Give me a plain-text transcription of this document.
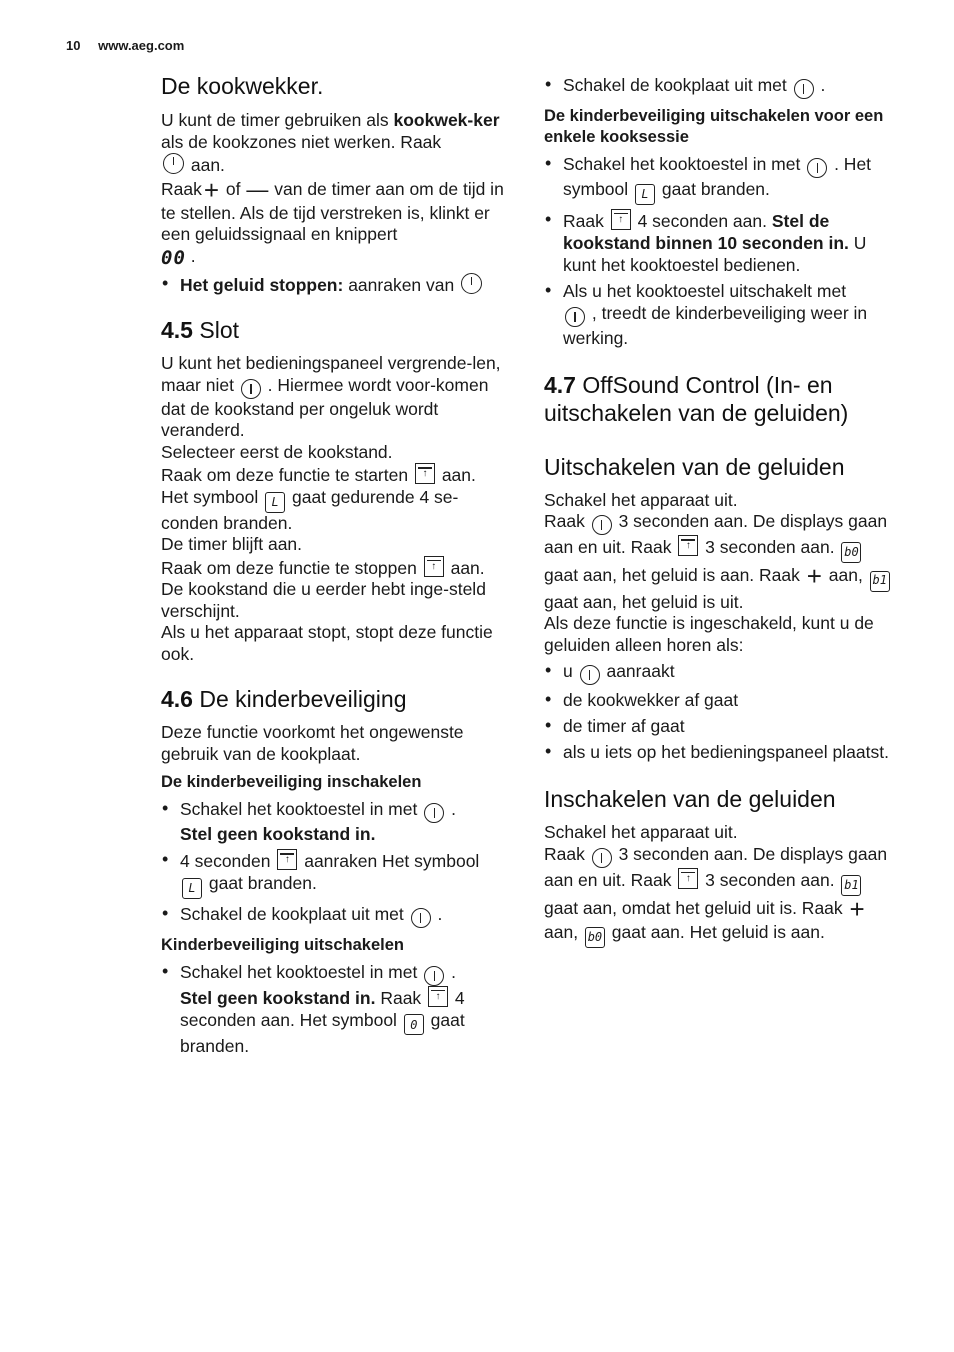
10 www.aeg.com
De kookwekker.

U kunt de timer gebruiken als kookwek-ker als de kookzones niet werken. Raak
aan.

Raak+ of — van de timer aan om de tijd in te stellen. Als de tijd verstreken is, klinkt er een geluidssignaal en knippert
00 .

• Het geluid stoppen: aanraken van
4.5 Slot

U kunt het bedieningspaneel vergrende-len, maar niet  . Hiermee wordt voor-komen dat de kookstand per ongeluk wordt veranderd.

Selecteer eerst de kookstand.

Raak om deze functie te starten ↑ aan.

Het symbool L gaat gedurende 4 se-conden branden.

De timer blijft aan.

Raak om deze functie te stoppen ↑ aan.

De kookstand die u eerder hebt inge-steld verschijnt.

Als u het apparaat stopt, stopt deze functie ook.

4.6 De kinderbeveiliging

Deze functie voorkomt het ongewenste gebruik van de kookplaat.

De kinderbeveiliging inschakelen
• Schakel het kooktoestel in met  .
Stel geen kookstand in.
• 4 seconden ↑ aanraken Het symbool
L gaat branden.
• Schakel de kookplaat uit met  .
Kinderbeveiliging uitschakelen
• Schakel het kooktoestel in met  .
Stel geen kookstand in. Raak ↑ 4 seconden aan. Het symbool 0 gaat branden.
• Schakel de kookplaat uit met  .
De kinderbeveiliging uitschakelen voor een enkele kooksessie
• Schakel het kooktoestel in met  . Het symbool L gaat branden.
• Raak ↑ 4 seconden aan. Stel de kookstand binnen 10 seconden in. U kunt het kooktoestel bedienen.
• Als u het kooktoestel uitschakelt met
, treedt de kinderbeveiliging weer in werking.
4.7 OffSound Control (In- en uitschakelen van de geluiden)
Uitschakelen van de geluiden

Schakel het apparaat uit.

Raak  3 seconden aan. De displays gaan aan en uit. Raak ↑ 3 seconden aan. b0 gaat aan, het geluid is aan. Raak + aan, b1 gaat aan, het geluid is uit.

Als deze functie is ingeschakeld, kunt u de geluiden alleen horen als:

• u  aanraakt
• de kookwekker af gaat
• de timer af gaat
• als u iets op het bedieningspaneel plaatst.
Inschakelen van de geluiden

Schakel het apparaat uit.

Raak  3 seconden aan. De displays gaan aan en uit. Raak ↑ 3 seconden aan. b1 gaat aan, omdat het geluid uit is. Raak + aan, b0 gaat aan. Het geluid is aan.
